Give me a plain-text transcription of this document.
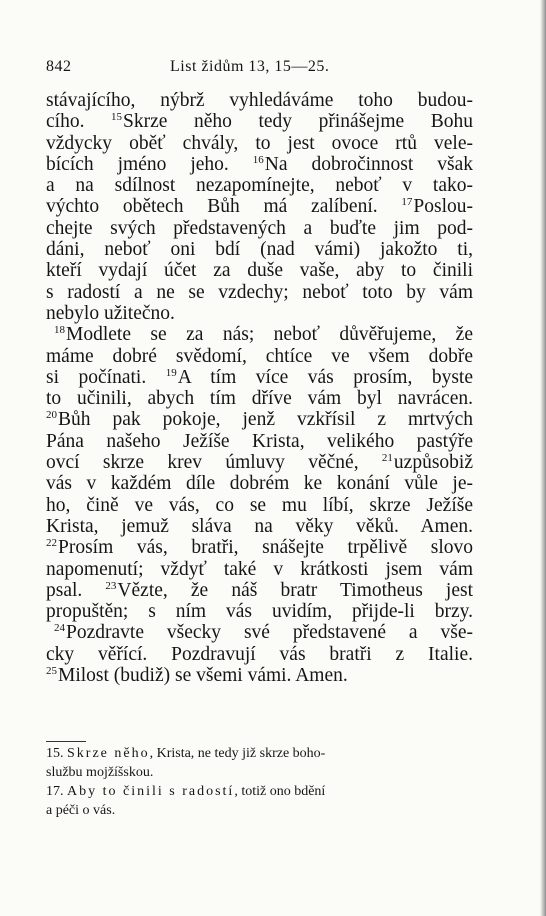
842	List židům 13, 15—25.
stávajícího, nýbrž vyhledáváme toho budou-
cího. $^{15}$Skrze něho tedy přinášejme Bohu
vždycky oběť chvály, to jest ovoce rtů vele-
bících jméno jeho. $^{16}$Na dobročinnost však
a na sdílnost nezapomínejte, neboť v tako-
výchto obětech Bůh má zalíbení. $^{17}$Poslou-
chejte svých představených a buďte jim pod-
dáni, neboť oni bdí (nad vámi) jakožto ti,
kteří vydají účet za duše vaše, aby to činili
s radostí a ne se vzdechy; neboť toto by vám
nebylo užitečno.
$^{18}$Modlete se za nás; neboť důvěřujeme, že
máme dobré svědomí, chtíce ve všem dobře
si počínati. $^{19}$A tím více vás prosím, byste
to učinili, abych tím dříve vám byl navrácen.
$^{20}$Bůh pak pokoje, jenž vzkřísil z mrtvých
Pána našeho Ježíše Krista, velikého pastýře
ovcí skrze krev úmluvy věčné, $^{21}$uzpůsobiž
vás v každém díle dobrém ke konání vůle je-
ho, čině ve vás, co se mu líbí, skrze Ježíše
Krista, jemuž sláva na věky věků. Amen.
$^{22}$Prosím vás, bratři, snášejte trpělivě slovo
napomenutí; vždyť také v krátkosti jsem vám
psal. $^{23}$Vězte, že náš bratr Timotheus jest
propuštěn; s ním vás uvidím, přijde-li brzy.
$^{24}$Pozdravte všecky své představené a vše-
cky věřící. Pozdravují vás bratři z Italie.
$^{25}$Milost (budiž) se všemi vámi. Amen.
15. Skrze něho, Krista, ne tedy již skrze boho-
službu mojžíšskou.
17. Aby to činili s radostí, totiž ono bdění
a péči o vás.
